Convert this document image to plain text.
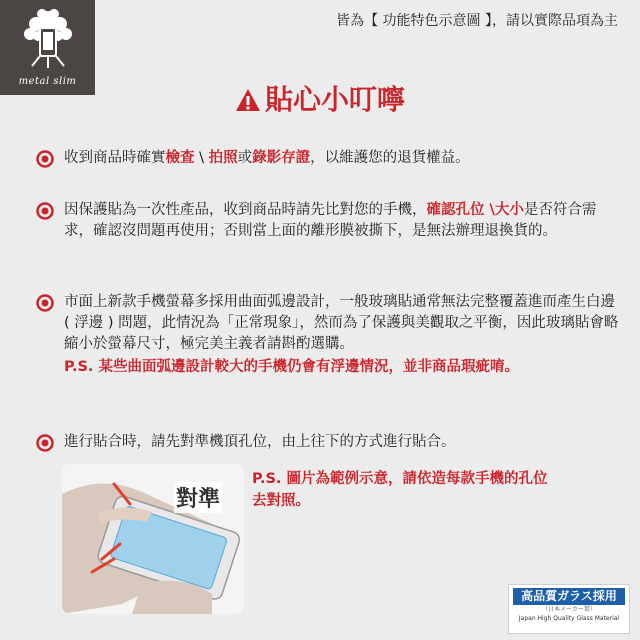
metal slim
皆為【 功能特色示意圖 】，請以實際品項為主
貼心小叮嚀
收到商品時確實檢查 \ 拍照或錄影存證，以維護您的退貨權益。
因保護貼為一次性產品，收到商品時請先比對您的手機，確認孔位 \大小是否符合需求，確認沒問題再使用；否則當上面的離形膜被撕下，是無法辦理退換貨的。
市面上新款手機螢幕多採用曲面弧邊設計，一般玻璃貼通常無法完整覆蓋進而產生白邊 ( 浮邊 ) 問題，此情況為「正常現象」，然而為了保護與美觀取之平衡，因此玻璃貼會略縮小於螢幕尺寸，極完美主義者請斟酌選購。
P.S. 某些曲面弧邊設計較大的手機仍會有浮邊情況，並非商品瑕疵唷。
進行貼合時，請先對準機頂孔位，由上往下的方式進行貼合。
對準
P.S. 圖片為範例示意，請依造每款手機的孔位去對照。
高品質ガラス採用
（日本メーカー製）
Japan High Quality Glass Material
